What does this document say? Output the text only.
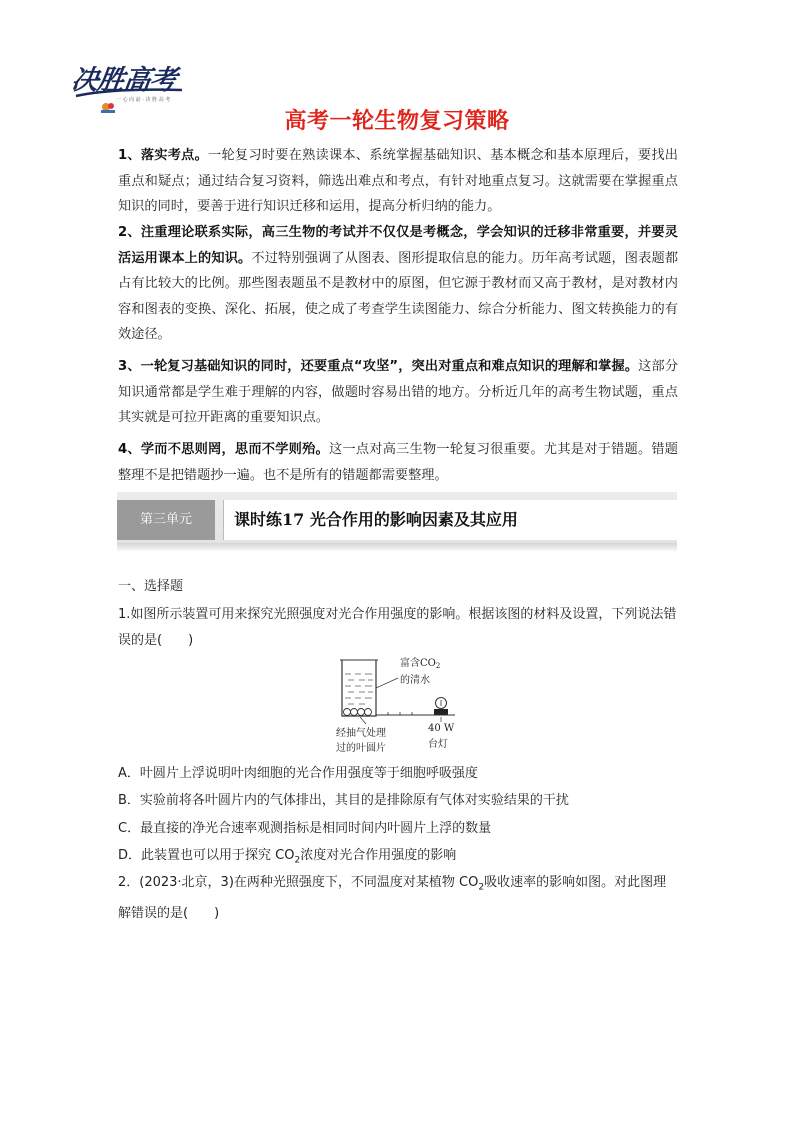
决胜高考
一 心 向 前 · 决 胜 高 考
高考一轮生物复习策略
1、落实考点。一轮复习时要在熟读课本、系统掌握基础知识、基本概念和基本原理后，要找出重点和疑点；通过结合复习资料，筛选出难点和考点，有针对地重点复习。这就需要在掌握重点知识的同时，要善于进行知识迁移和运用，提高分析归纳的能力。
2、注重理论联系实际，高三生物的考试并不仅仅是考概念，学会知识的迁移非常重要，并要灵活运用课本上的知识。不过特别强调了从图表、图形提取信息的能力。历年高考试题，图表题都占有比较大的比例。那些图表题虽不是教材中的原图，但它源于教材而又高于教材，是对教材内容和图表的变换、深化、拓展，使之成了考查学生读图能力、综合分析能力、图文转换能力的有效途径。
3、一轮复习基础知识的同时，还要重点“攻坚”，突出对重点和难点知识的理解和掌握。这部分知识通常都是学生难于理解的内容，做题时容易出错的地方。分析近几年的高考生物试题，重点其实就是可拉开距离的重要知识点。
4、学而不思则罔，思而不学则殆。这一点对高三生物一轮复习很重要。尤其是对于错题。错题整理不是把错题抄一遍。也不是所有的错题都需要整理。
第三单元	课时练17 光合作用的影响因素及其应用
一、选择题
1.如图所示装置可用来探究光照强度对光合作用强度的影响。根据该图的材料及设置，下列说法错误的是(　　)
富含$CO_2$
的清水
经抽气处理
过的叶圆片
40 W
台灯
A．叶圆片上浮说明叶肉细胞的光合作用强度等于细胞呼吸强度
B．实验前将各叶圆片内的气体排出，其目的是排除原有气体对实验结果的干扰
C．最直接的净光合速率观测指标是相同时间内叶圆片上浮的数量
D．此装置也可以用于探究 $CO_2$浓度对光合作用强度的影响
2．(2023·北京，3)在两种光照强度下，不同温度对某植物 $CO_2$吸收速率的影响如图。对此图理解错误的是(　　)
